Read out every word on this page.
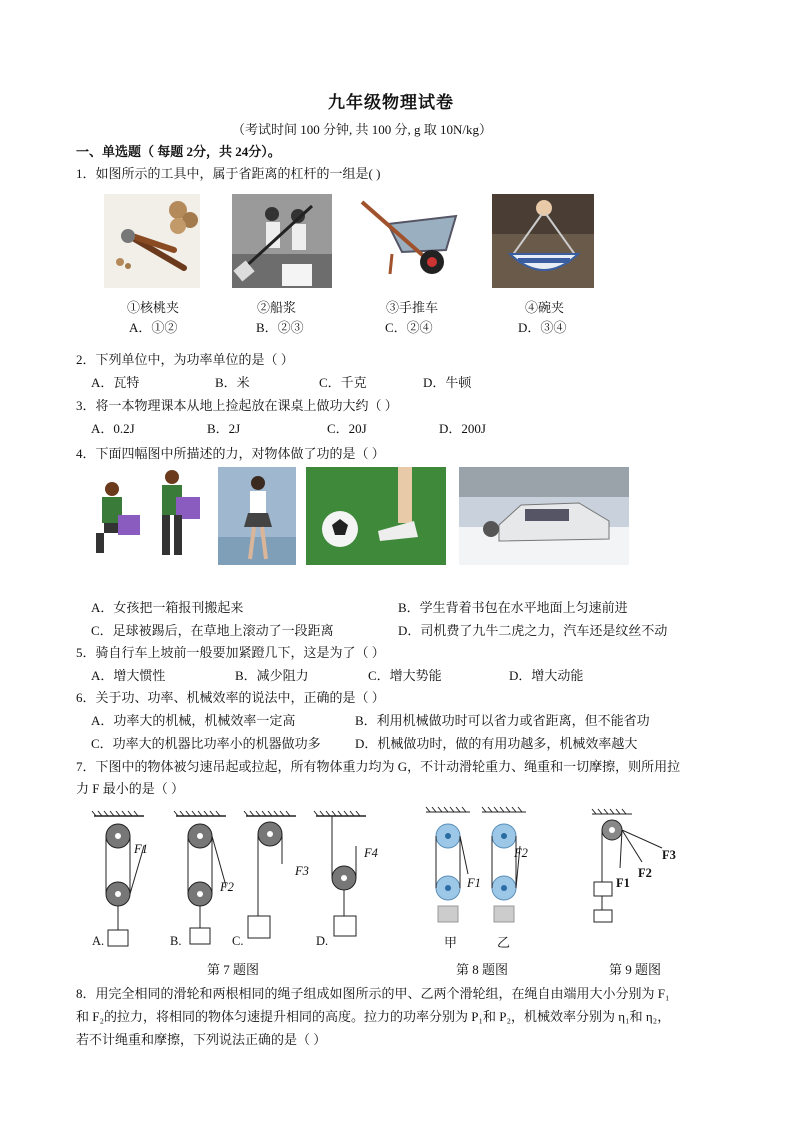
九年级物理试卷
（考试时间 100 分钟, 共 100 分, g 取 10N/kg）
一、单选题（ 每题 2分，共 24分）。
1．如图所示的工具中，属于省距离的杠杆的一组是( )
①核桃夹	②船浆	③手推车	④碗夹
A．①②	B．②③	C．②④	D．③④
2．下列单位中，为功率单位的是（ ）
A．瓦特	B．米	C．千克	D．牛顿
3．将一本物理课本从地上捡起放在课桌上做功大约（ ）
A．0.2J	B．2J	C．20J	D．200J
4．下面四幅图中所描述的力，对物体做了功的是（ ）
A．女孩把一箱报刊搬起来	B．学生背着书包在水平地面上匀速前进
C．足球被踢后，在草地上滚动了一段距离	D．司机费了九牛二虎之力，汽车还是纹丝不动
5．骑自行车上坡前一般要加紧蹬几下，这是为了（ ）
A．增大惯性	B．减少阻力	C．增大势能	D．增大动能
6．关于功、功率、机械效率的说法中，正确的是（ ）
A．功率大的机械，机械效率一定高	B．利用机械做功时可以省力或省距离，但不能省功
C．功率大的机器比功率小的机器做功多	D．机械做功时，做的有用功越多，机械效率越大
7．下图中的物体被匀速吊起或拉起，所有物体重力均为 G，不计动滑轮重力、绳重和一切摩擦，则所用拉
力 F 最小的是（ ）
F1
F2
F3
F4
A.	B.	C.	D.
F1
F2
甲	乙
F1
F2
F3
第 7 题图	第 8 题图	第 9 题图
8．用完全相同的滑轮和两根相同的绳子组成如图所示的甲、乙两个滑轮组，在绳自由端用大小分别为 F₁
和 F₂的拉力，将相同的物体匀速提升相同的高度。拉力的功率分别为 P₁和 P₂，机械效率分别为 η₁和 η₂，
若不计绳重和摩擦，下列说法正确的是（ ）
